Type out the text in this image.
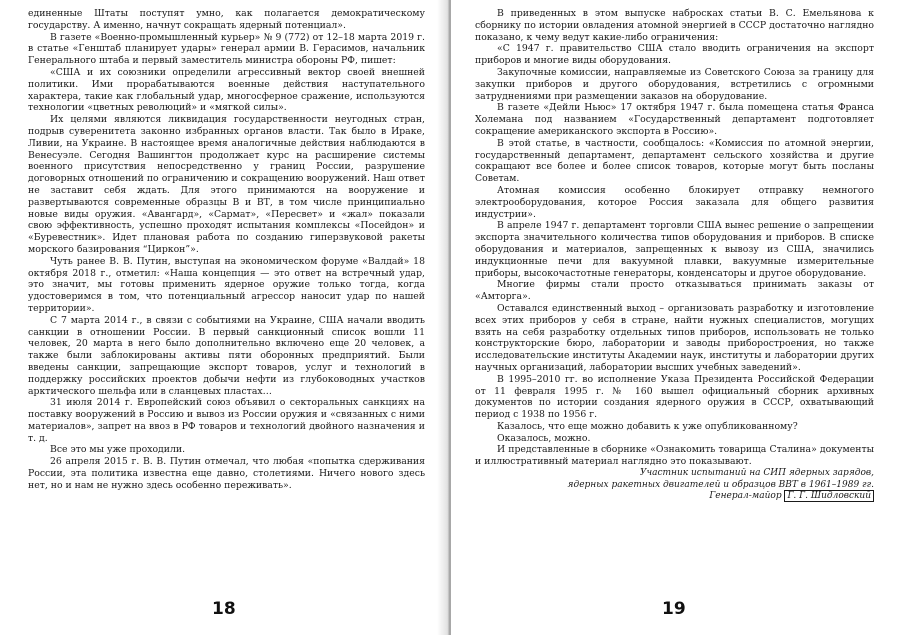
единенные Штаты поступят умно, как полагается демократическому государству. А именно, начнут сокращать ядерный потенциал».

В газете «Военно-промышленный курьер» № 9 (772) от 12–18 марта 2019 г. в статье «Генштаб планирует удары» генерал армии В. Герасимов, начальник Генерального штаба и первый заместитель министра обороны РФ, пишет:

«США и их союзники определили агрессивный вектор своей внешней политики. Ими прорабатываются военные действия наступательного характера, такие как глобальный удар, многосферное сражение, используются технологии «цветных революций» и «мягкой силы».

Их целями являются ликвидация государственности неугодных стран, подрыв суверенитета законно избранных органов власти. Так было в Ираке, Ливии, на Украине. В настоящее время аналогичные действия наблюдаются в Венесуэле. Сегодня Вашингтон продолжает курс на расширение системы военного присутствия непосредственно у границ России, разрушение договорных отношений по ограничению и сокращению вооружений. Наш ответ не заставит себя ждать. Для этого принимаются на вооружение и развертываются современные образцы В и ВТ, в том числе принципиально новые виды оружия. «Авангард», «Сармат», «Пересвет» и «жал» показали свою эффективность, успешно проходят испытания комплексы «Посейдон» и «Буревестник». Идет плановая работа по созданию гиперзвуковой ракеты морского базирования “Циркон”».

Чуть ранее В. В. Путин, выступая на экономическом форуме «Валдай» 18 октября 2018 г., отметил: «Наша концепция — это ответ на встречный удар, это значит, мы готовы применить ядерное оружие только тогда, когда удостоверимся в том, что потенциальный агрессор наносит удар по нашей территории».

С 7 марта 2014 г., в связи с событиями на Украине, США начали вводить санкции в отношении России. В первый санкционный список вошли 11 человек, 20 марта в него было дополнительно включено еще 20 человек, а также были заблокированы активы пяти оборонных предприятий. Были введены санкции, запрещающие экспорт товаров, услуг и технологий в поддержку российских проектов добычи нефти из глубоководных участков арктического шельфа или в сланцевых пластах…

31 июля 2014 г. Европейский союз объявил о секторальных санкциях на поставку вооружений в Россию и вывоз из России оружия и «связанных с ними материалов», запрет на ввоз в РФ товаров и технологий двойного назначения и т. д.

Все это мы уже проходили.

26 апреля 2015 г. В. В. Путин отмечал, что любая «попытка сдерживания России, эта политика известна еще давно, столетиями. Ничего нового здесь нет, но и нам не нужно здесь особенно переживать».

18

В приведенных в этом выпуске набросках статьи В. С. Емельянова к сборнику по истории овладения атомной энергией в СССР достаточно наглядно показано, к чему ведут какие-либо ограничения:

«С 1947 г. правительство США стало вводить ограничения на экспорт приборов и многие виды оборудования.

Закупочные комиссии, направляемые из Советского Союза за границу для закупки приборов и другого оборудования, встретились с огромными затруднениями при размещении заказов на оборудование.

В газете «Дейли Ньюс» 17 октября 1947 г. была помещена статья Франса Холемана под названием «Государственный департамент подготовляет сокращение американского экспорта в Россию».

В этой статье, в частности, сообщалось: «Комиссия по атомной энергии, государственный департамент, департамент сельского хозяйства и другие сокращают все более и более список товаров, которые могут быть посланы Советам.

Атомная комиссия особенно блокирует отправку немногого электрооборудования, которое Россия заказала для общего развития индустрии».

В апреле 1947 г. департамент торговли США вынес решение о запрещении экспорта значительного количества типов оборудования и приборов. В списке оборудования и материалов, запрещенных к вывозу из США, значились индукционные печи для вакуумной плавки, вакуумные измерительные приборы, высокочастотные генераторы, конденсаторы и другое оборудование.

Многие фирмы стали просто отказываться принимать заказы от «Амторга».

Оставался единственный выход – организовать разработку и изготовление всех этих приборов у себя в стране, найти нужных специалистов, могущих взять на себя разработку отдельных типов приборов, использовать не только конструкторские бюро, лаборатории и заводы приборостроения, но также исследовательские институты Академии наук, институты и лаборатории других научных организаций, лаборатории высших учебных заведений».

В 1995–2010 гг. во исполнение Указа Президента Российской Федерации от 11 февраля 1995 г. № 160 вышел официальный сборник архивных документов по истории создания ядерного оружия в СССР, охватывающий период с 1938 по 1956 г.

Казалось, что еще можно добавить к уже опубликованному?

Оказалось, можно.

И представленные в сборнике «Ознакомить товарища Сталина» документы и иллюстративный материал наглядно это показывают.

Участник испытаний на СИП ядерных зарядов,
ядерных ракетных двигателей и образцов ВВТ в 1961–1989 гг.
Генерал-майор Г. Г. Шидловский
19
